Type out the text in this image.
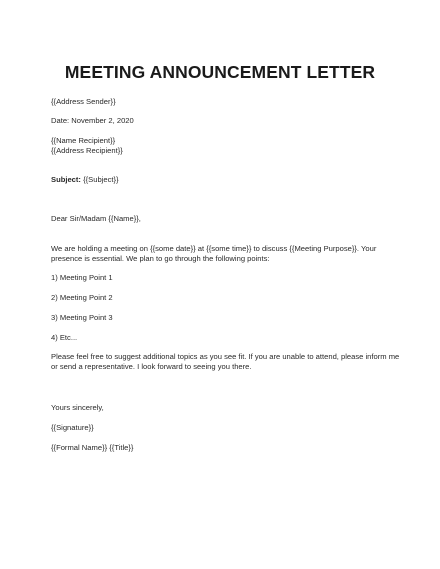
MEETING ANNOUNCEMENT LETTER
{{Address Sender}}
Date: November 2, 2020
{{Name Recipient}}
{{Address Recipient}}
Subject: {{Subject}}
Dear Sir/Madam {{Name}},
We are holding a meeting on {{some date}} at {{some time}} to discuss {{Meeting Purpose}}. Your
presence is essential. We plan to go through the following points:
1) Meeting Point 1
2) Meeting Point 2
3) Meeting Point 3
4) Etc...
Please feel free to suggest additional topics as you see fit. If you are unable to attend, please inform me
or send a representative. I look forward to seeing you there.
Yours sincerely,
{{Signature}}
{{Formal Name}} {{Title}}
